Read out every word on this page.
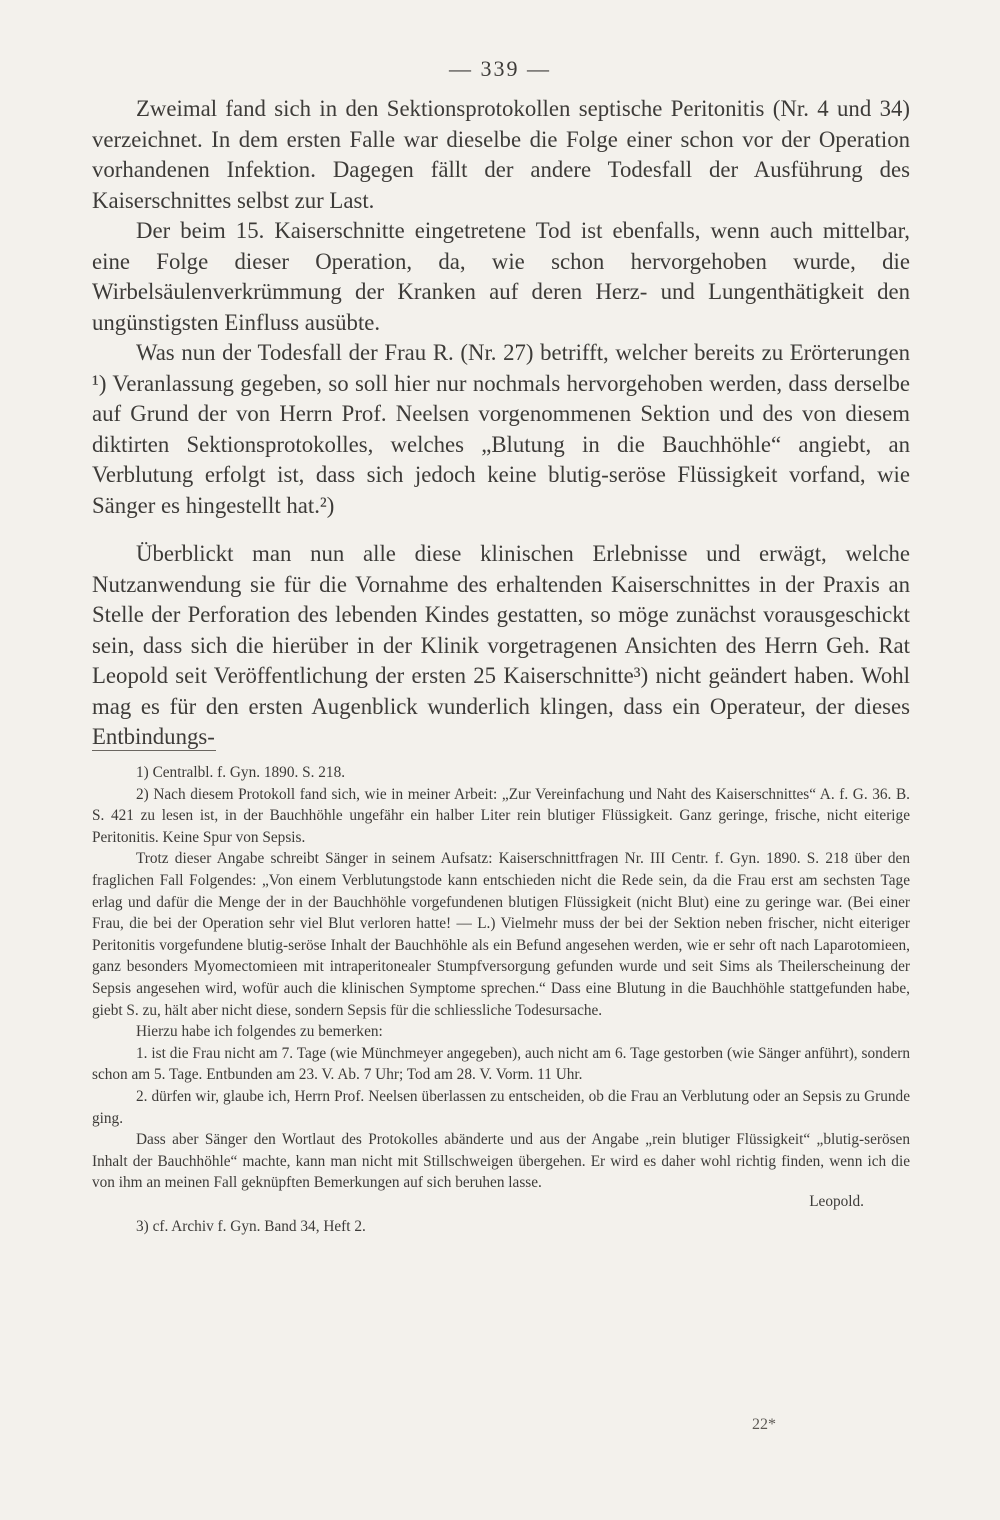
— 339 —

Zweimal fand sich in den Sektionsprotokollen septische Peritonitis (Nr. 4 und 34) verzeichnet. In dem ersten Falle war dieselbe die Folge einer schon vor der Operation vorhandenen Infektion. Dagegen fällt der andere Todesfall der Ausführung des Kaiserschnittes selbst zur Last.

Der beim 15. Kaiserschnitte eingetretene Tod ist ebenfalls, wenn auch mittelbar, eine Folge dieser Operation, da, wie schon hervorgehoben wurde, die Wirbelsäulenverkrümmung der Kranken auf deren Herz- und Lungenthätigkeit den ungünstigsten Einfluss ausübte.

Was nun der Todesfall der Frau R. (Nr. 27) betrifft, welcher bereits zu Erörterungen ¹) Veranlassung gegeben, so soll hier nur nochmals hervorgehoben werden, dass derselbe auf Grund der von Herrn Prof. Neelsen vorgenommenen Sektion und des von diesem diktirten Sektionsprotokolles, welches „Blutung in die Bauchhöhle“ angiebt, an Verblutung erfolgt ist, dass sich jedoch keine blutig-seröse Flüssigkeit vorfand, wie Sänger es hingestellt hat.²)

Überblickt man nun alle diese klinischen Erlebnisse und erwägt, welche Nutzanwendung sie für die Vornahme des erhaltenden Kaiserschnittes in der Praxis an Stelle der Perforation des lebenden Kindes gestatten, so möge zunächst vorausgeschickt sein, dass sich die hierüber in der Klinik vorgetragenen Ansichten des Herrn Geh. Rat Leopold seit Veröffentlichung der ersten 25 Kaiserschnitte³) nicht geändert haben. Wohl mag es für den ersten Augenblick wunderlich klingen, dass ein Operateur, der dieses Entbindungs-

1) Centralbl. f. Gyn. 1890. S. 218.

2) Nach diesem Protokoll fand sich, wie in meiner Arbeit: „Zur Vereinfachung und Naht des Kaiserschnittes“ A. f. G. 36. B. S. 421 zu lesen ist, in der Bauchhöhle ungefähr ein halber Liter rein blutiger Flüssigkeit. Ganz geringe, frische, nicht eiterige Peritonitis. Keine Spur von Sepsis.

Trotz dieser Angabe schreibt Sänger in seinem Aufsatz: Kaiserschnittfragen Nr. III Centr. f. Gyn. 1890. S. 218 über den fraglichen Fall Folgendes: „Von einem Verblutungstode kann entschieden nicht die Rede sein, da die Frau erst am sechsten Tage erlag und dafür die Menge der in der Bauchhöhle vorgefundenen blutigen Flüssigkeit (nicht Blut) eine zu geringe war. (Bei einer Frau, die bei der Operation sehr viel Blut verloren hatte! — L.) Vielmehr muss der bei der Sektion neben frischer, nicht eiteriger Peritonitis vorgefundene blutig-seröse Inhalt der Bauchhöhle als ein Befund angesehen werden, wie er sehr oft nach Laparotomieen, ganz besonders Myomectomieen mit intraperitonealer Stumpfversorgung gefunden wurde und seit Sims als Theilerscheinung der Sepsis angesehen wird, wofür auch die klinischen Symptome sprechen.“ Dass eine Blutung in die Bauchhöhle stattgefunden habe, giebt S. zu, hält aber nicht diese, sondern Sepsis für die schliessliche Todesursache.

Hierzu habe ich folgendes zu bemerken:

1. ist die Frau nicht am 7. Tage (wie Münchmeyer angegeben), auch nicht am 6. Tage gestorben (wie Sänger anführt), sondern schon am 5. Tage. Entbunden am 23. V. Ab. 7 Uhr; Tod am 28. V. Vorm. 11 Uhr.

2. dürfen wir, glaube ich, Herrn Prof. Neelsen überlassen zu entscheiden, ob die Frau an Verblutung oder an Sepsis zu Grunde ging.

Dass aber Sänger den Wortlaut des Protokolles abänderte und aus der Angabe „rein blutiger Flüssigkeit“ „blutig-serösen Inhalt der Bauchhöhle“ machte, kann man nicht mit Stillschweigen übergehen. Er wird es daher wohl richtig finden, wenn ich die von ihm an meinen Fall geknüpften Bemerkungen auf sich beruhen lasse.

Leopold.

3) cf. Archiv f. Gyn. Band 34, Heft 2.

22*
